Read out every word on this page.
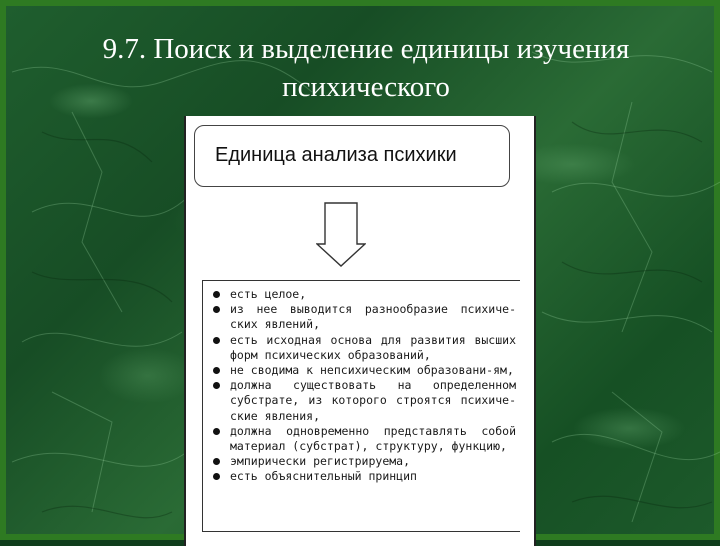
9.7. Поиск и выделение единицы изучения психического
Единица анализа психики
есть целое,
из нее выводится разнообразие психиче-ских явлений,
есть исходная основа для развития высших форм психических образований,
не сводима к непсихическим образовани-ям,
должна существовать на определенном субстрате, из которого строятся психиче-ские явления,
должна одновременно представлять собой материал (субстрат), структуру, функцию,
эмпирически регистрируема,
есть объяснительный принцип
